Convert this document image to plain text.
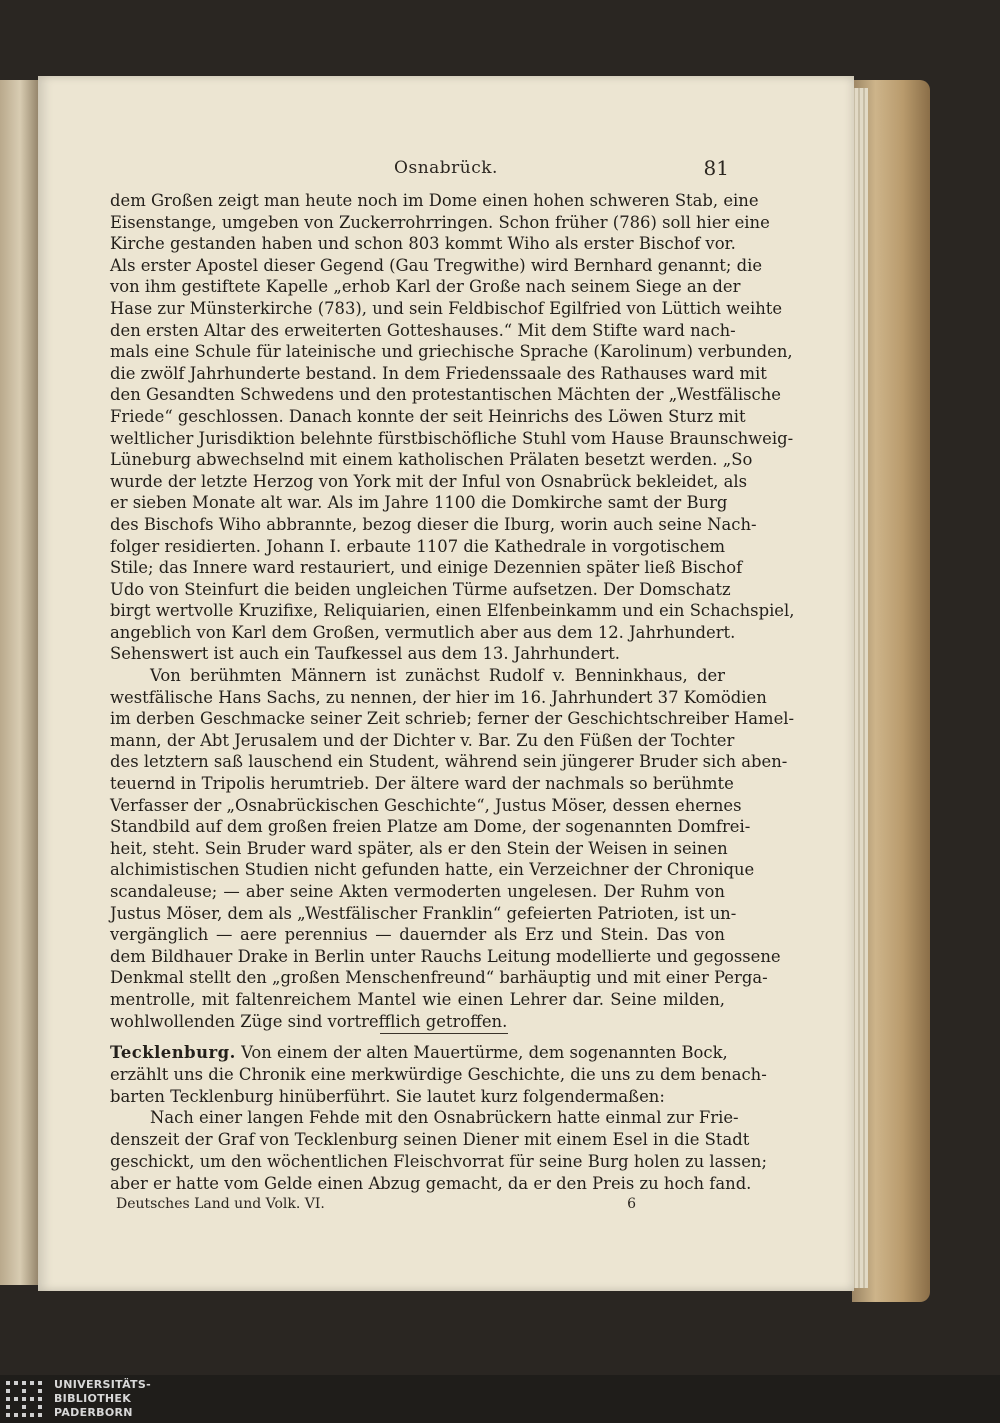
Osnabrück.	81

dem Großen zeigt man heute noch im Dome einen hohen schweren Stab, eine
Eisenstange, umgeben von Zuckerrohrringen. Schon früher (786) soll hier eine
Kirche gestanden haben und schon 803 kommt Wiho als erster Bischof vor.
Als erster Apostel dieser Gegend (Gau Tregwithe) wird Bernhard genannt; die
von ihm gestiftete Kapelle „erhob Karl der Große nach seinem Siege an der
Hase zur Münsterkirche (783), und sein Feldbischof Egilfried von Lüttich weihte
den ersten Altar des erweiterten Gotteshauses.“ Mit dem Stifte ward nach-
mals eine Schule für lateinische und griechische Sprache (Karolinum) verbunden,
die zwölf Jahrhunderte bestand. In dem Friedenssaale des Rathauses ward mit
den Gesandten Schwedens und den protestantischen Mächten der „Westfälische
Friede“ geschlossen. Danach konnte der seit Heinrichs des Löwen Sturz mit
weltlicher Jurisdiktion belehnte fürstbischöfliche Stuhl vom Hause Braunschweig-
Lüneburg abwechselnd mit einem katholischen Prälaten besetzt werden. „So
wurde der letzte Herzog von York mit der Inful von Osnabrück bekleidet, als
er sieben Monate alt war. Als im Jahre 1100 die Domkirche samt der Burg
des Bischofs Wiho abbrannte, bezog dieser die Iburg, worin auch seine Nach-
folger residierten. Johann I. erbaute 1107 die Kathedrale in vorgotischem
Stile; das Innere ward restauriert, und einige Dezennien später ließ Bischof
Udo von Steinfurt die beiden ungleichen Türme aufsetzen. Der Domschatz
birgt wertvolle Kruzifixe, Reliquiarien, einen Elfenbeinkamm und ein Schachspiel,
angeblich von Karl dem Großen, vermutlich aber aus dem 12. Jahrhundert.
Sehenswert ist auch ein Taufkessel aus dem 13. Jahrhundert.

Von berühmten Männern ist zunächst Rudolf v. Benninkhaus, der
westfälische Hans Sachs, zu nennen, der hier im 16. Jahrhundert 37 Komödien
im derben Geschmacke seiner Zeit schrieb; ferner der Geschichtschreiber Hamel-
mann, der Abt Jerusalem und der Dichter v. Bar. Zu den Füßen der Tochter
des letztern saß lauschend ein Student, während sein jüngerer Bruder sich aben-
teuernd in Tripolis herumtrieb. Der ältere ward der nachmals so berühmte
Verfasser der „Osnabrückischen Geschichte“, Justus Möser, dessen ehernes
Standbild auf dem großen freien Platze am Dome, der sogenannten Domfrei-
heit, steht. Sein Bruder ward später, als er den Stein der Weisen in seinen
alchimistischen Studien nicht gefunden hatte, ein Verzeichner der Chronique
scandaleuse; — aber seine Akten vermoderten ungelesen. Der Ruhm von
Justus Möser, dem als „Westfälischer Franklin“ gefeierten Patrioten, ist un-
vergänglich — aere perennius — dauernder als Erz und Stein. Das von
dem Bildhauer Drake in Berlin unter Rauchs Leitung modellierte und gegossene
Denkmal stellt den „großen Menschenfreund“ barhäuptig und mit einer Perga-
mentrolle, mit faltenreichem Mantel wie einen Lehrer dar. Seine milden,
wohlwollenden Züge sind vortrefflich getroffen.

Tecklenburg. Von einem der alten Mauertürme, dem sogenannten Bock,
erzählt uns die Chronik eine merkwürdige Geschichte, die uns zu dem benach-
barten Tecklenburg hinüberführt. Sie lautet kurz folgendermaßen:
Nach einer langen Fehde mit den Osnabrückern hatte einmal zur Frie-
denszeit der Graf von Tecklenburg seinen Diener mit einem Esel in die Stadt
geschickt, um den wöchentlichen Fleischvorrat für seine Burg holen zu lassen;
aber er hatte vom Gelde einen Abzug gemacht, da er den Preis zu hoch fand.
Deutsches Land und Volk. VI.	6
UNIVERSITÄTS-
BIBLIOTHEK
PADERBORN
